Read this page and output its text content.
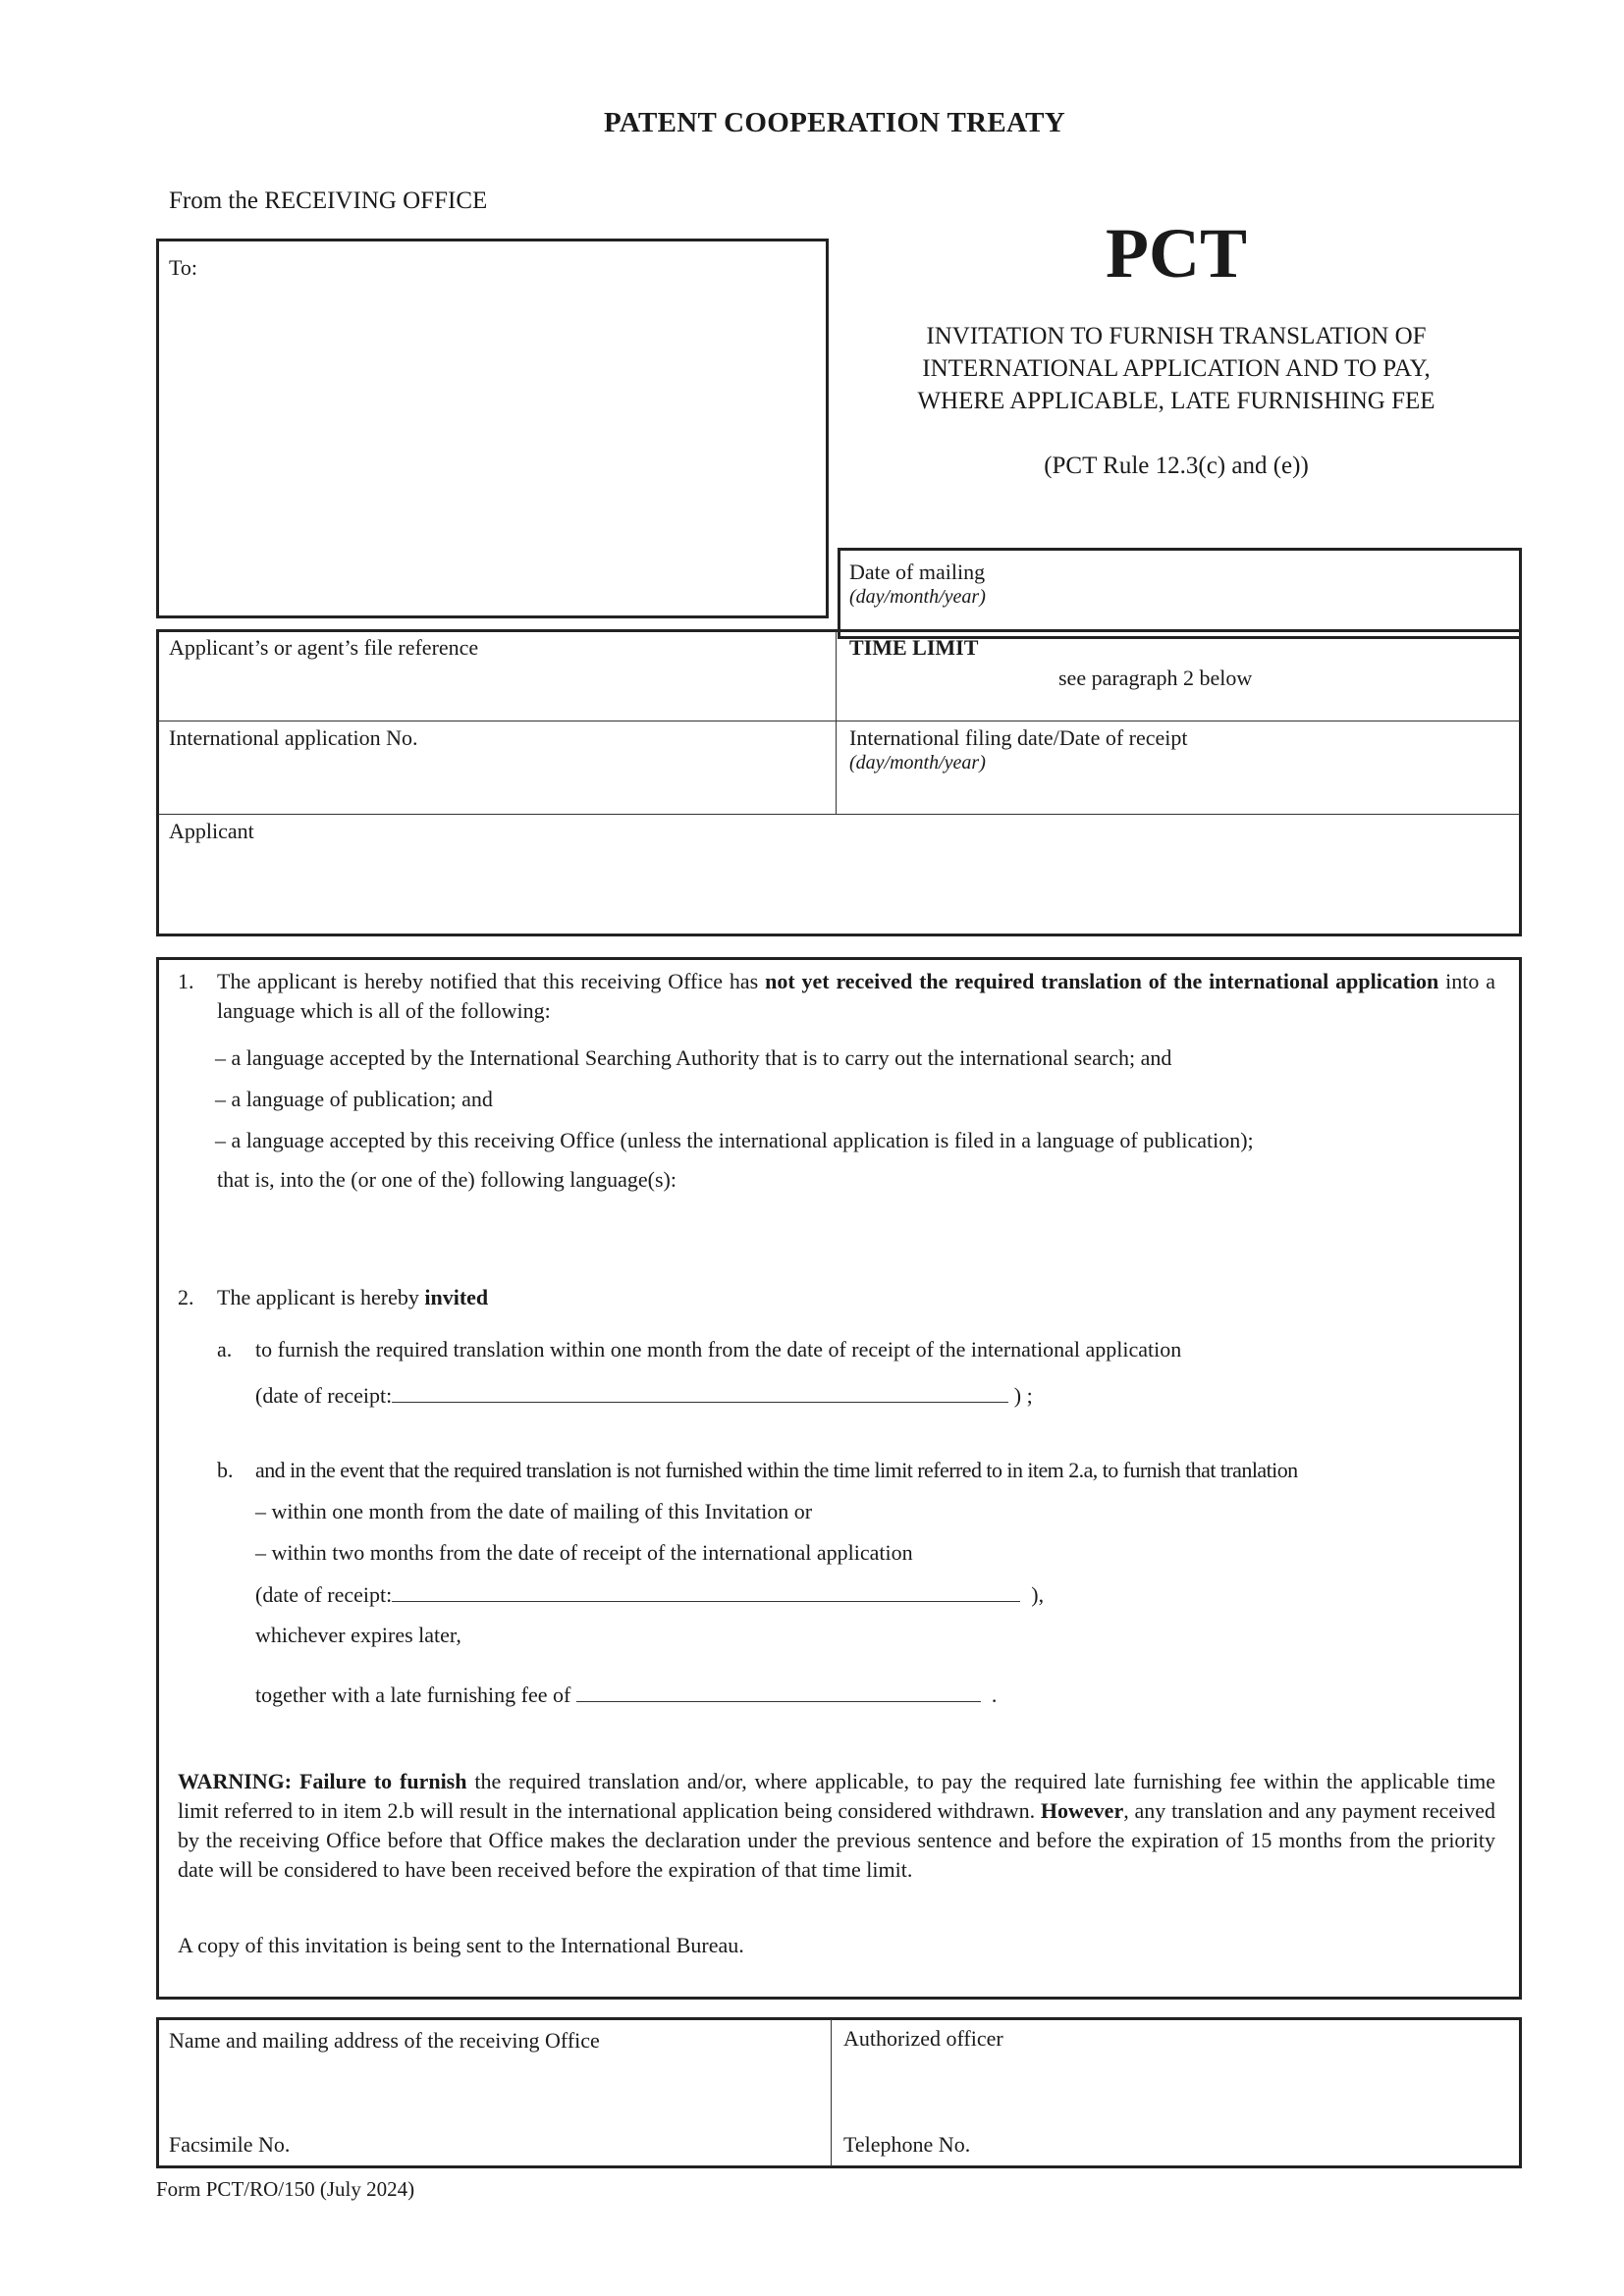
PATENT COOPERATION TREATY
From the RECEIVING OFFICE
PCT
INVITATION TO FURNISH TRANSLATION OF
INTERNATIONAL APPLICATION AND TO PAY,
WHERE APPLICABLE, LATE FURNISHING FEE
(PCT Rule 12.3(c) and (e))
To:
Date of mailing
(day/month/year)
Applicant’s or agent’s file reference	TIME LIMIT
see paragraph 2 below
International application No.	International filing date/Date of receipt
(day/month/year)
Applicant
1. The applicant is hereby notified that this receiving Office has not yet received the required translation of the international application into a language which is all of the following:
– a language accepted by the International Searching Authority that is to carry out the international search; and
– a language of publication; and
– a language accepted by this receiving Office (unless the international application is filed in a language of publication);
that is, into the (or one of the) following language(s):
2. The applicant is hereby invited
a. to furnish the required translation within one month from the date of receipt of the international application
(date of receipt:	) ;
b. and in the event that the required translation is not furnished within the time limit referred to in item 2.a, to furnish that tranlation
– within one month from the date of mailing of this Invitation or
– within two months from the date of receipt of the international application
(date of receipt:	),
whichever expires later,
together with a late furnishing fee of	.
WARNING: Failure to furnish the required translation and/or, where applicable, to pay the required late furnishing fee within the applicable time limit referred to in item 2.b will result in the international application being considered withdrawn. However, any translation and any payment received by the receiving Office before that Office makes the declaration under the previous sentence and before the expiration of 15 months from the priority date will be considered to have been received before the expiration of that time limit.
A copy of this invitation is being sent to the International Bureau.
Name and mailing address of the receiving Office	Authorized officer
Facsimile No.	Telephone No.
Form PCT/RO/150 (July 2024)
